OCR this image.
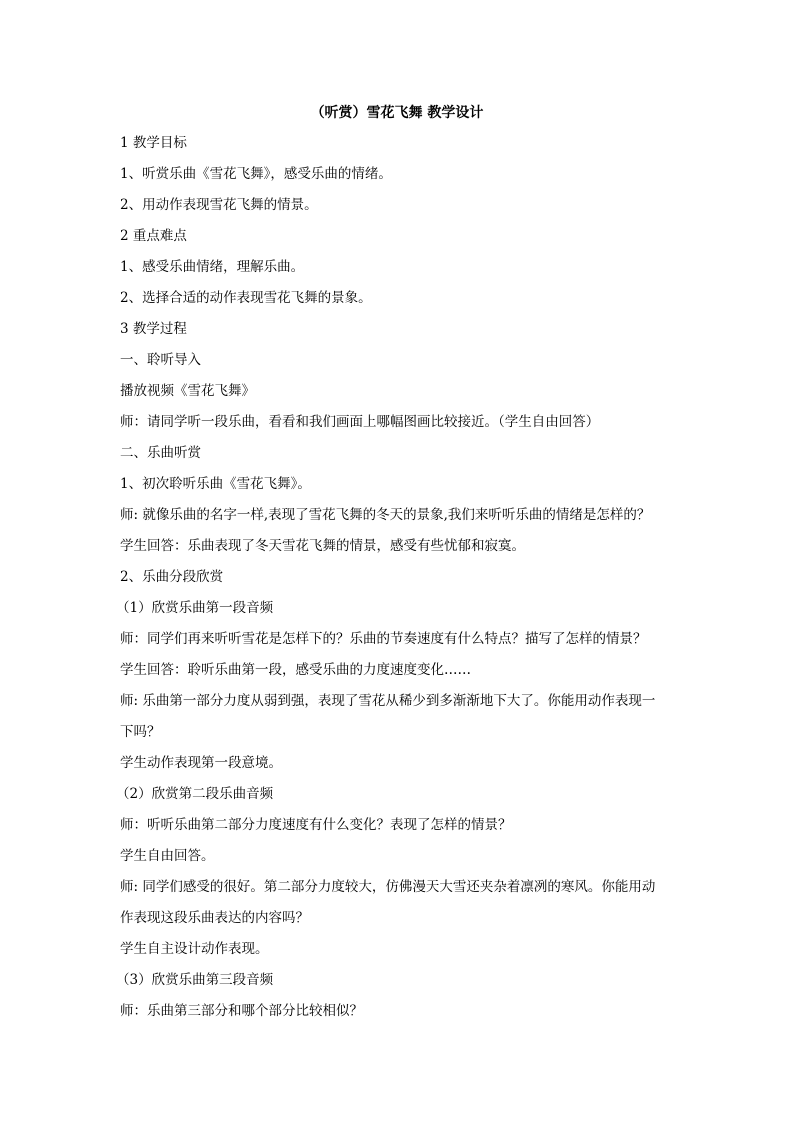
（听赏）雪花飞舞 教学设计
1 教学目标
1、听赏乐曲《雪花飞舞》，感受乐曲的情绪。
2、用动作表现雪花飞舞的情景。
2 重点难点
1、感受乐曲情绪，理解乐曲。
2、选择合适的动作表现雪花飞舞的景象。
3 教学过程
一、聆听导入
播放视频《雪花飞舞》
师：请同学听一段乐曲，看看和我们画面上哪幅图画比较接近。（学生自由回答）
二、乐曲听赏
1、初次聆听乐曲《雪花飞舞》。
师: 就像乐曲的名字一样,表现了雪花飞舞的冬天的景象,我们来听听乐曲的情绪是怎样的？
学生回答：乐曲表现了冬天雪花飞舞的情景，感受有些忧郁和寂寞。
2、乐曲分段欣赏
（1）欣赏乐曲第一段音频
师：同学们再来听听雪花是怎样下的？乐曲的节奏速度有什么特点？描写了怎样的情景？
学生回答：聆听乐曲第一段，感受乐曲的力度速度变化……
师: 乐曲第一部分力度从弱到强，表现了雪花从稀少到多渐渐地下大了。你能用动作表现一
下吗？
学生动作表现第一段意境。
（2）欣赏第二段乐曲音频
师：听听乐曲第二部分力度速度有什么变化？表现了怎样的情景？
学生自由回答。
师: 同学们感受的很好。第二部分力度较大，仿佛漫天大雪还夹杂着凛冽的寒风。你能用动
作表现这段乐曲表达的内容吗？
学生自主设计动作表现。
（3）欣赏乐曲第三段音频
师：乐曲第三部分和哪个部分比较相似？
